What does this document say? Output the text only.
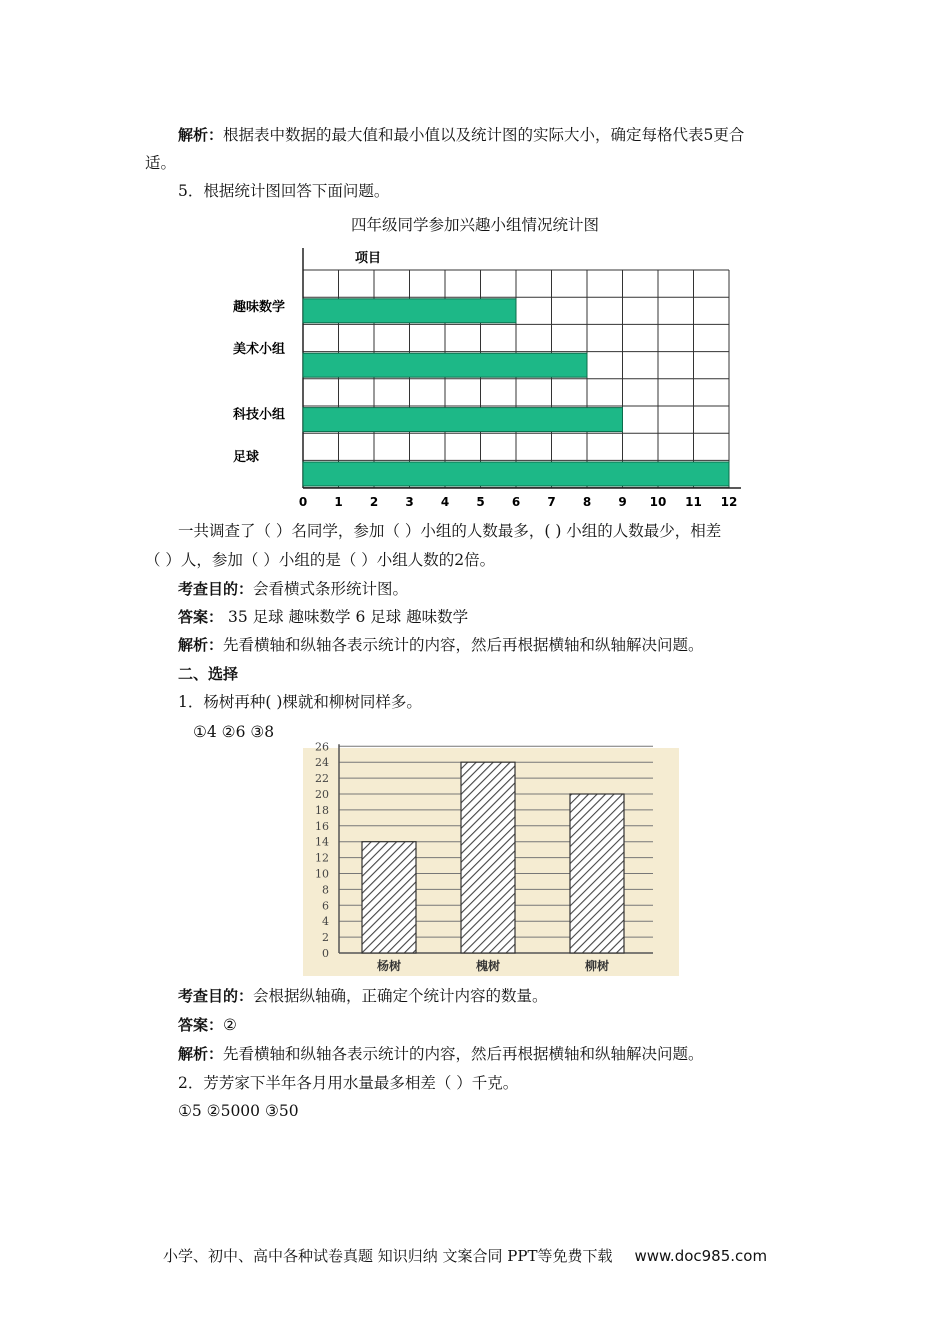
解析：根据表中数据的最大值和最小值以及统计图的实际大小，确定每格代表5更合
适。
5．根据统计图回答下面问题。
四年级同学参加兴趣小组情况统计图
项目
趣味数学
美术小组
科技小组
足球
0 1 2 3 4 5 6 7 8 9 10 11 12
一共调查了（ ）名同学，参加（ ）小组的人数最多，( ) 小组的人数最少，相差
（ ）人，参加（ ）小组的是（ ）小组人数的2倍。
考查目的：会看横式条形统计图。
答案： 35 足球 趣味数学 6 足球 趣味数学
解析：先看横轴和纵轴各表示统计的内容，然后再根据横轴和纵轴解决问题。
二、选择
1．杨树再种( )棵就和柳树同样多。
①4 ②6 ③8
0
2
4
6
8
10
12
14
16
18
20
22
24
26
杨树	槐树	柳树
考查目的：会根据纵轴确，正确定个统计内容的数量。
答案：②
解析：先看横轴和纵轴各表示统计的内容，然后再根据横轴和纵轴解决问题。
2．芳芳家下半年各月用水量最多相差（ ）千克。
①5 ②5000 ③50
小学、初中、高中各种试卷真题 知识归纳 文案合同 PPT等免费下载 www.doc985.com
